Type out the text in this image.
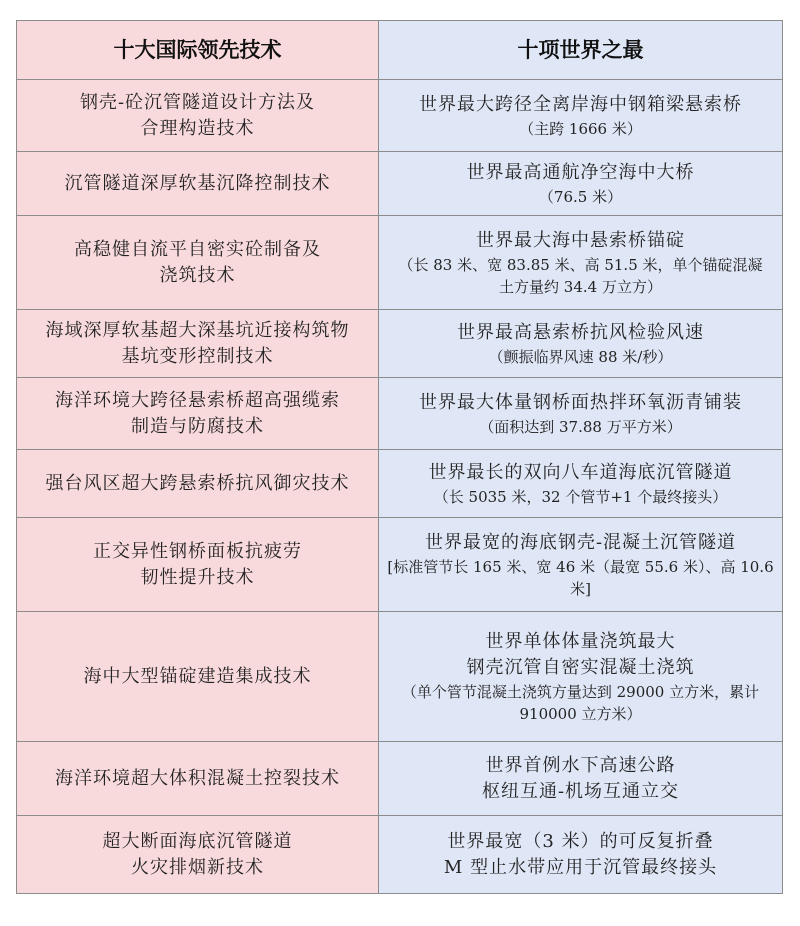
十大国际领先技术	十项世界之最

钢壳-砼沉管隧道设计方法及
合理构造技术	世界最大跨径全离岸海中钢箱梁悬索桥
（主跨 1666 米）

沉管隧道深厚软基沉降控制技术	世界最高通航净空海中大桥
（76.5 米）

高稳健自流平自密实砼制备及
浇筑技术	世界最大海中悬索桥锚碇
（长 83 米、宽 83.85 米、高 51.5 米，单个锚碇混凝
土方量约 34.4 万立方）

海域深厚软基超大深基坑近接构筑物
基坑变形控制技术	世界最高悬索桥抗风检验风速
（颤振临界风速 88 米/秒）

海洋环境大跨径悬索桥超高强缆索
制造与防腐技术	世界最大体量钢桥面热拌环氧沥青铺装
（面积达到 37.88 万平方米）

强台风区超大跨悬索桥抗风御灾技术	世界最长的双向八车道海底沉管隧道
（长 5035 米，32 个管节+1 个最终接头）

正交异性钢桥面板抗疲劳
韧性提升技术	世界最宽的海底钢壳-混凝土沉管隧道
[标准管节长 165 米、宽 46 米（最宽 55.6 米）、高 10.6
米]

海中大型锚碇建造集成技术	世界单体体量浇筑最大
钢壳沉管自密实混凝土浇筑
（单个管节混凝土浇筑方量达到 29000 立方米，累计
910000 立方米）

海洋环境超大体积混凝土控裂技术	世界首例水下高速公路
枢纽互通-机场互通立交

超大断面海底沉管隧道
火灾排烟新技术	世界最宽（3 米）的可反复折叠
M 型止水带应用于沉管最终接头
